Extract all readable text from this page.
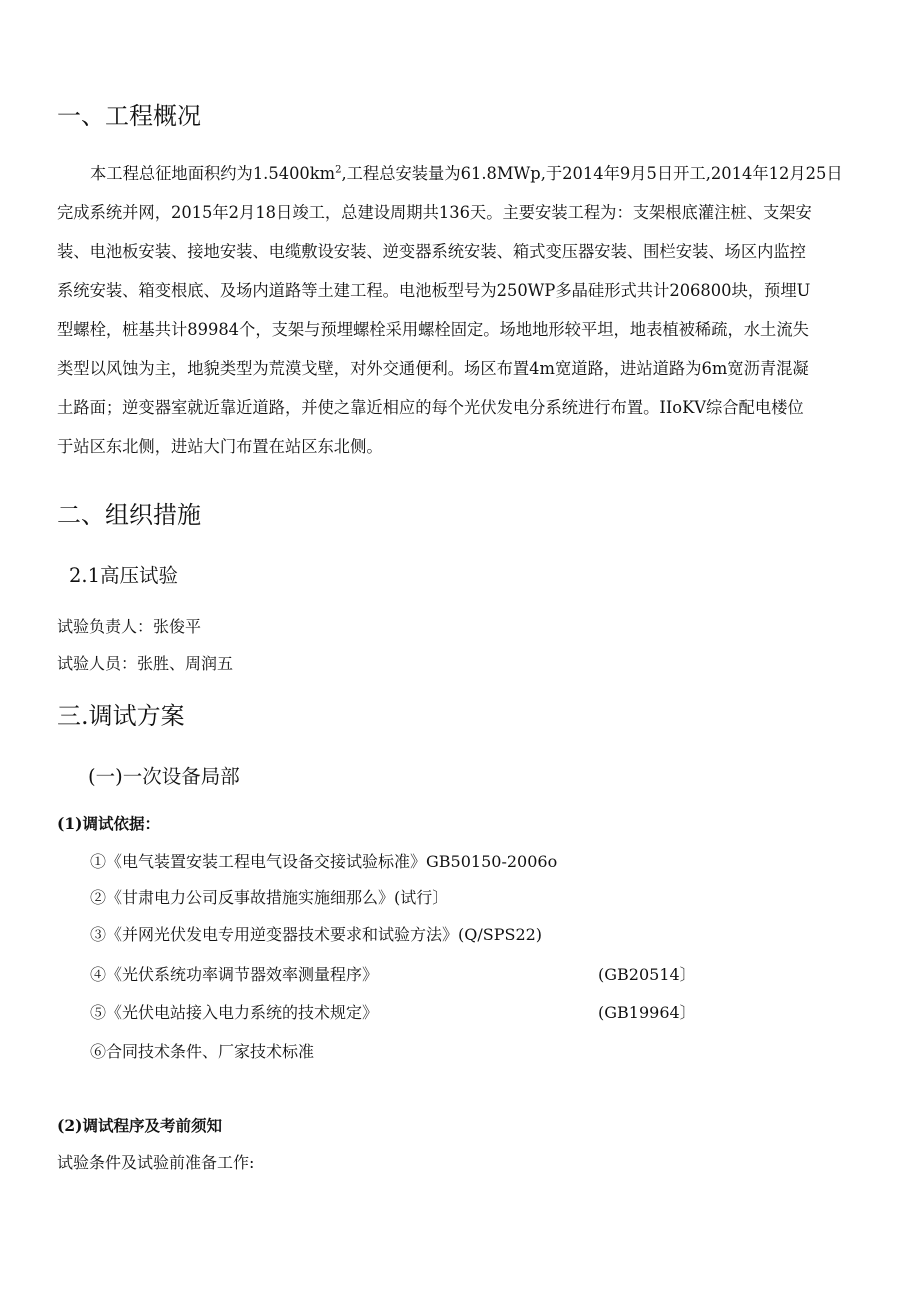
一、工程概况
本工程总征地面积约为$1.5400km^2$,工程总安装量为61.8MWp,于2014年9月5日开工,2014年12月25日
完成系统并网，2015年2月18日竣工，总建设周期共136天。主要安装工程为：支架根底灌注桩、支架安
装、电池板安装、接地安装、电缆敷设安装、逆变器系统安装、箱式变压器安装、围栏安装、场区内监控
系统安装、箱变根底、及场内道路等土建工程。电池板型号为250WP多晶硅形式共计206800块，预埋U
型螺栓，桩基共计89984个，支架与预埋螺栓采用螺栓固定。场地地形较平坦，地表植被稀疏，水土流失
类型以风蚀为主，地貌类型为荒漠戈壁，对外交通便利。场区布置4m宽道路，进站道路为6m宽沥青混凝
土路面；逆变器室就近靠近道路，并使之靠近相应的每个光伏发电分系统进行布置。IIoKV综合配电楼位
于站区东北侧，进站大门布置在站区东北侧。
二、组织措施
2.1高压试验
试验负责人：张俊平
试验人员：张胜、周润五
三.调试方案
(一)一次设备局部
(1)调试依据：
①《电气装置安装工程电气设备交接试验标准》GB50150-2006o
②《甘肃电力公司反事故措施实施细那么》(试行〕
③《并网光伏发电专用逆变器技术要求和试验方法》(Q/SPS22)
④《光伏系统功率调节器效率测量程序》	(GB20514〕
⑤《光伏电站接入电力系统的技术规定》	(GB19964〕
⑥合同技术条件、厂家技术标准
(2)调试程序及考前须知
试验条件及试验前准备工作:
